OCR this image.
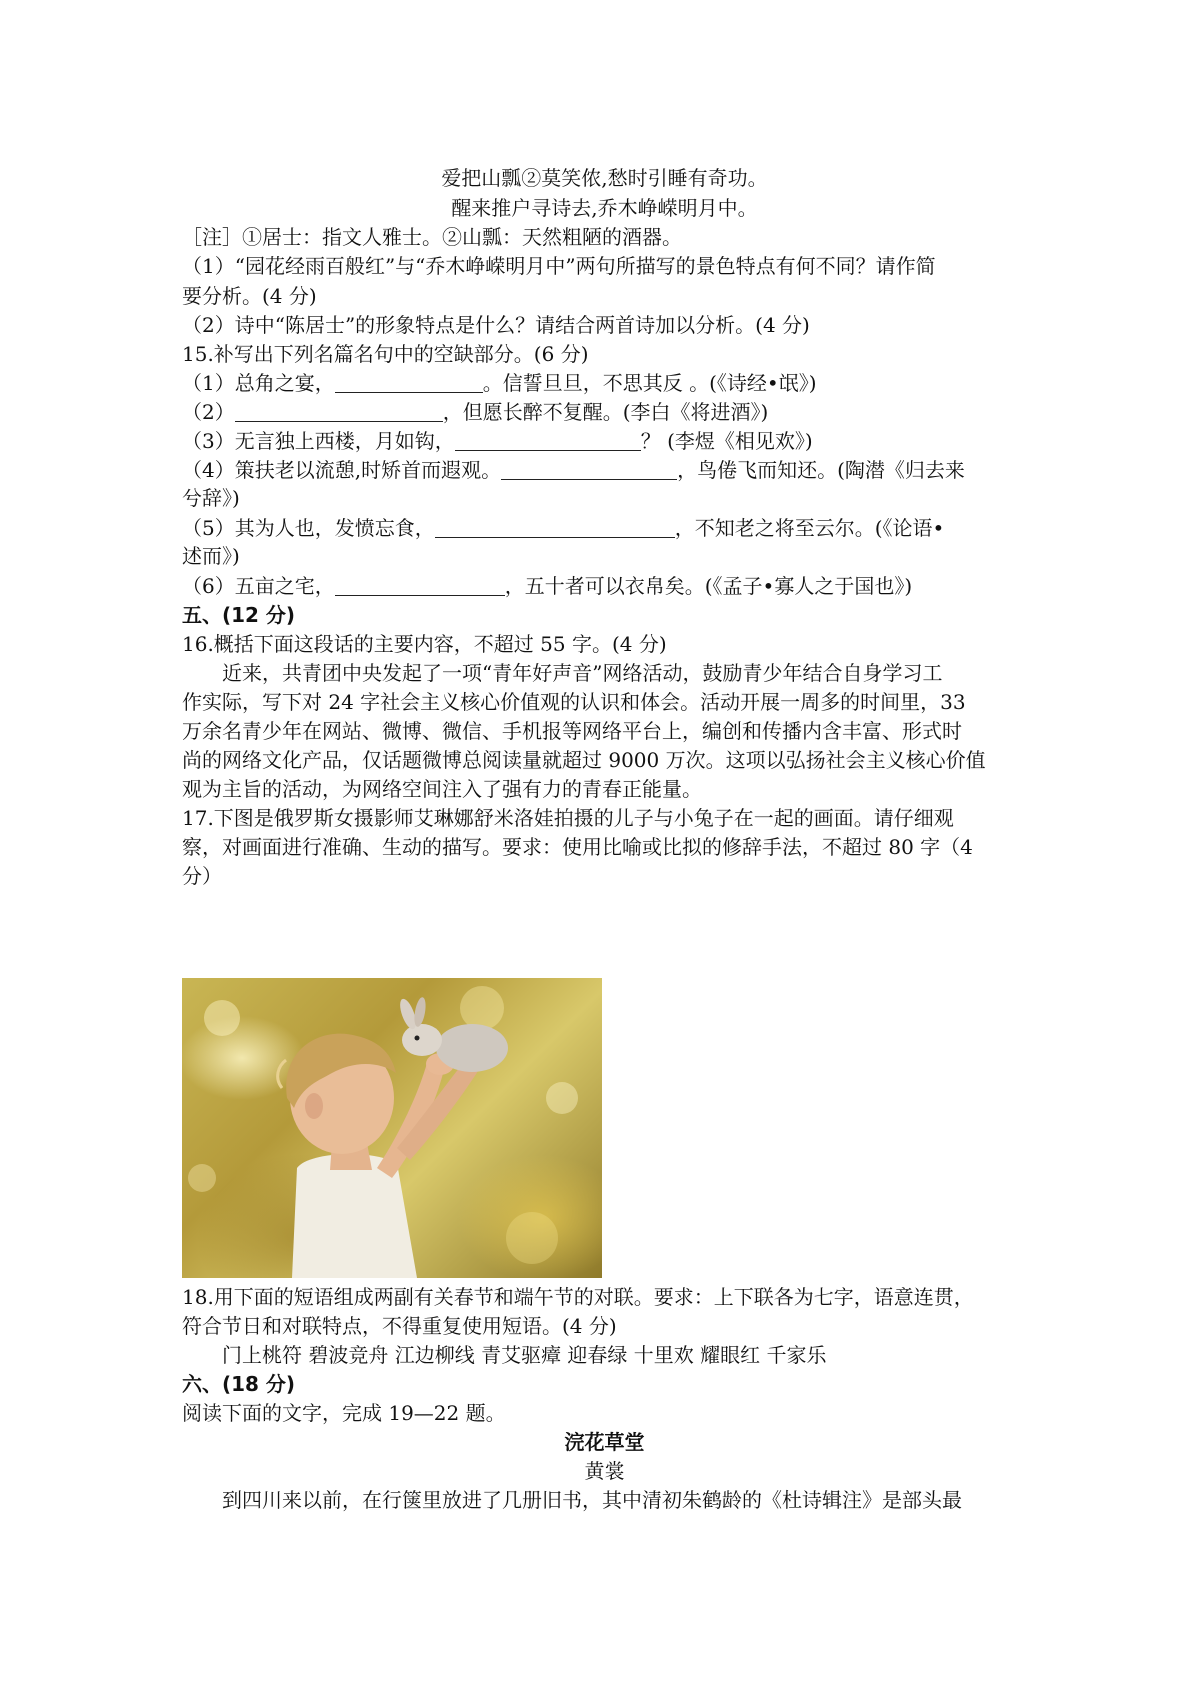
爱把山瓢②莫笑侬,愁时引睡有奇功。
醒来推户寻诗去,乔木峥嵘明月中。
［注］①居士：指文人雅士。②山瓢：天然粗陋的酒器。
（1）“园花经雨百般红”与“乔木峥嵘明月中”两句所描写的景色特点有何不同？请作简
要分析。(4 分)
（2）诗中“陈居士”的形象特点是什么？请结合两首诗加以分析。(4 分)
15.补写出下列名篇名句中的空缺部分。(6 分)
（1）总角之宴，	。信誓旦旦，不思其反 。(《诗经•氓》)
（2）	，但愿长醉不复醒。(李白《将进酒》)
（3）无言独上西楼，月如钩，	？ (李煜《相见欢》)
（4）策扶老以流憩,时矫首而遐观。	，鸟倦飞而知还。(陶潜《归去来
兮辞》)
（5）其为人也，发愤忘食，	，不知老之将至云尔。(《论语•
述而》)
（6）五亩之宅，	，五十者可以衣帛矣。(《孟子•寡人之于国也》)
五、(12 分)
16.概括下面这段话的主要内容，不超过 55 字。(4 分)
近来，共青团中央发起了一项“青年好声音”网络活动，鼓励青少年结合自身学习工
作实际，写下对 24 字社会主义核心价值观的认识和体会。活动开展一周多的时间里，33
万余名青少年在网站、微博、微信、手机报等网络平台上，编创和传播内含丰富、形式时
尚的网络文化产品，仅话题微博总阅读量就超过 9000 万次。这项以弘扬社会主义核心价值
观为主旨的活动，为网络空间注入了强有力的青春正能量。
17.下图是俄罗斯女摄影师艾琳娜舒米洛娃拍摄的儿子与小兔子在一起的画面。请仔细观
察，对画面进行准确、生动的描写。要求：使用比喻或比拟的修辞手法，不超过 80 字（4
分）
18.用下面的短语组成两副有关春节和端午节的对联。要求：上下联各为七字，语意连贯，
符合节日和对联特点，不得重复使用短语。(4 分)
门上桃符 碧波竞舟 江边柳线 青艾驱瘴 迎春绿 十里欢 耀眼红 千家乐
六、(18 分)
阅读下面的文字，完成 19—22 题。
浣花草堂
黄裳
到四川来以前，在行箧里放进了几册旧书，其中清初朱鹤龄的《杜诗辑注》是部头最
